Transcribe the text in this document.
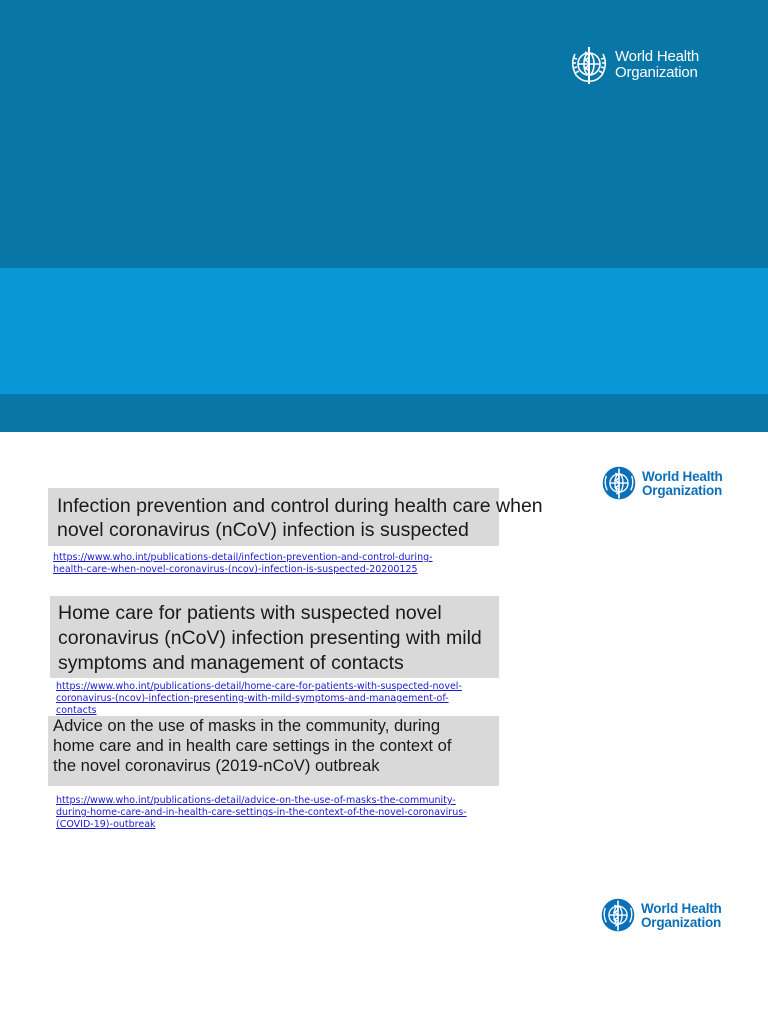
World Health
Organization
World Health
Organization
Infection prevention and control during health care when
novel coronavirus (nCoV) infection is suspected
https://www.who.int/publications-detail/infection-prevention-and-control-during-
health-care-when-novel-coronavirus-(ncov)-infection-is-suspected-20200125
Home care for patients with suspected novel
coronavirus (nCoV) infection presenting with mild
symptoms and management of contacts
https://www.who.int/publications-detail/home-care-for-patients-with-suspected-novel-
coronavirus-(ncov)-infection-presenting-with-mild-symptoms-and-management-of-
contacts
Advice on the use of masks in the community, during
home care and in health care settings in the context of
the novel coronavirus (2019-nCoV) outbreak
https://www.who.int/publications-detail/advice-on-the-use-of-masks-the-community-
during-home-care-and-in-health-care-settings-in-the-context-of-the-novel-coronavirus-
(COVID-19)-outbreak
World Health
Organization
